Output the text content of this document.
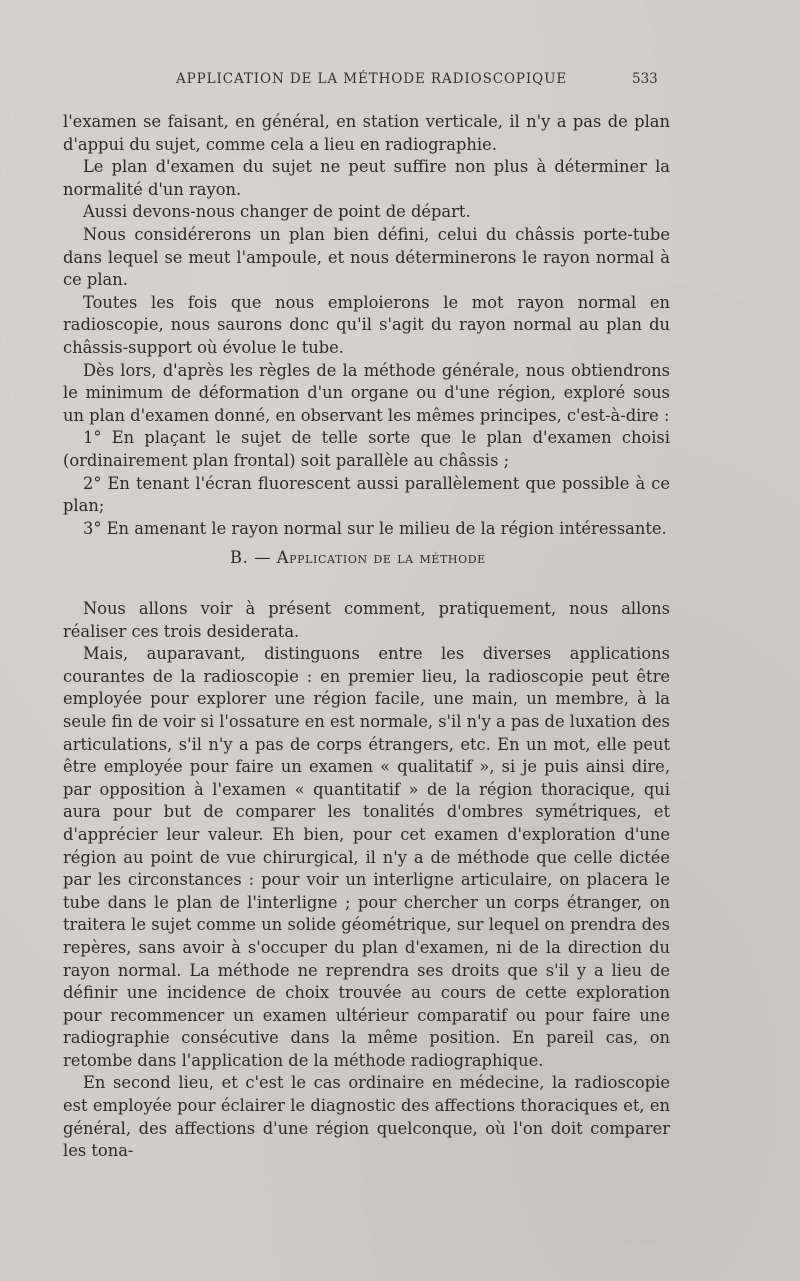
APPLICATION DE LA MÉTHODE RADIOSCOPIQUE	533

l'examen se faisant, en général, en station verticale, il n'y a pas de plan d'appui du sujet, comme cela a lieu en radiographie.

Le plan d'examen du sujet ne peut suffire non plus à déterminer la normalité d'un rayon.

Aussi devons-nous changer de point de départ.

Nous considérerons un plan bien défini, celui du châssis porte-tube dans lequel se meut l'ampoule, et nous déterminerons le rayon normal à ce plan.

Toutes les fois que nous emploierons le mot rayon normal en radioscopie, nous saurons donc qu'il s'agit du rayon normal au plan du châssis-support où évolue le tube.

Dès lors, d'après les règles de la méthode générale, nous obtiendrons le minimum de déformation d'un organe ou d'une région, exploré sous un plan d'examen donné, en observant les mêmes principes, c'est-à-dire :

1° En plaçant le sujet de telle sorte que le plan d'examen choisi (ordinairement plan frontal) soit parallèle au châssis ;

2° En tenant l'écran fluorescent aussi parallèlement que possible à ce plan;

3° En amenant le rayon normal sur le milieu de la région intéressante.

B. — Application de la méthode

Nous allons voir à présent comment, pratiquement, nous allons réaliser ces trois desiderata.

Mais, auparavant, distinguons entre les diverses applications courantes de la radioscopie : en premier lieu, la radioscopie peut être employée pour explorer une région facile, une main, un membre, à la seule fin de voir si l'ossature en est normale, s'il n'y a pas de luxation des articulations, s'il n'y a pas de corps étrangers, etc. En un mot, elle peut être employée pour faire un examen « qualitatif », si je puis ainsi dire, par opposition à l'examen « quantitatif » de la région thoracique, qui aura pour but de comparer les tonalités d'ombres symétriques, et d'apprécier leur valeur. Eh bien, pour cet examen d'exploration d'une région au point de vue chirurgical, il n'y a de méthode que celle dictée par les circonstances : pour voir un interligne articulaire, on placera le tube dans le plan de l'interligne ; pour chercher un corps étranger, on traitera le sujet comme un solide géométrique, sur lequel on prendra des repères, sans avoir à s'occuper du plan d'examen, ni de la direction du rayon normal. La méthode ne reprendra ses droits que s'il y a lieu de définir une incidence de choix trouvée au cours de cette exploration pour recommencer un examen ultérieur comparatif ou pour faire une radiographie consécutive dans la même position. En pareil cas, on retombe dans l'application de la méthode radiographique.

En second lieu, et c'est le cas ordinaire en médecine, la radioscopie est employée pour éclairer le diagnostic des affections thoraciques et, en général, des affections d'une région quelconque, où l'on doit comparer les tona-
